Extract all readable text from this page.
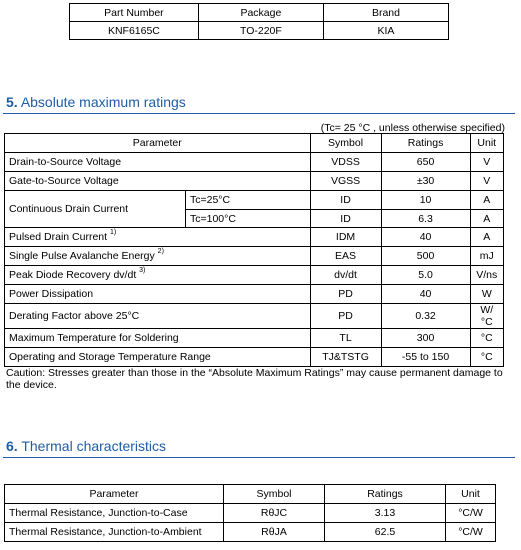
Part Number	Package	Brand
KNF6165C	TO-220F	KIA
5. Absolute maximum ratings
(Tc= 25 °C , unless otherwise specified)
Parameter		Symbol	Ratings	Unit
Drain-to-Source Voltage		VDSS	650	V
Gate-to-Source Voltage		VGSS	±30	V
Continuous Drain Current	Tc=25°C	ID	10	A
	Tc=100°C	ID	6.3	A
Pulsed Drain Current $^{1)}$		IDM	40	A
Single Pulse Avalanche Energy $^{2)}$		EAS	500	mJ
Peak Diode Recovery dv/dt $^{3)}$		dv/dt	5.0	V/ns
Power Dissipation		PD	40	W
Derating Factor above 25°C		PD	0.32	W/°C
Maximum Temperature for Soldering		TL	300	°C
Operating and Storage Temperature Range		TJ&TSTG	-55 to 150	°C
Caution: Stresses greater than those in the “Absolute Maximum Ratings” may cause permanent damage to the device.
6. Thermal characteristics
Parameter	Symbol	Ratings	Unit
Thermal Resistance, Junction-to-Case	RθJC	3.13	°C/W
Thermal Resistance, Junction-to-Ambient	RθJA	62.5	°C/W
